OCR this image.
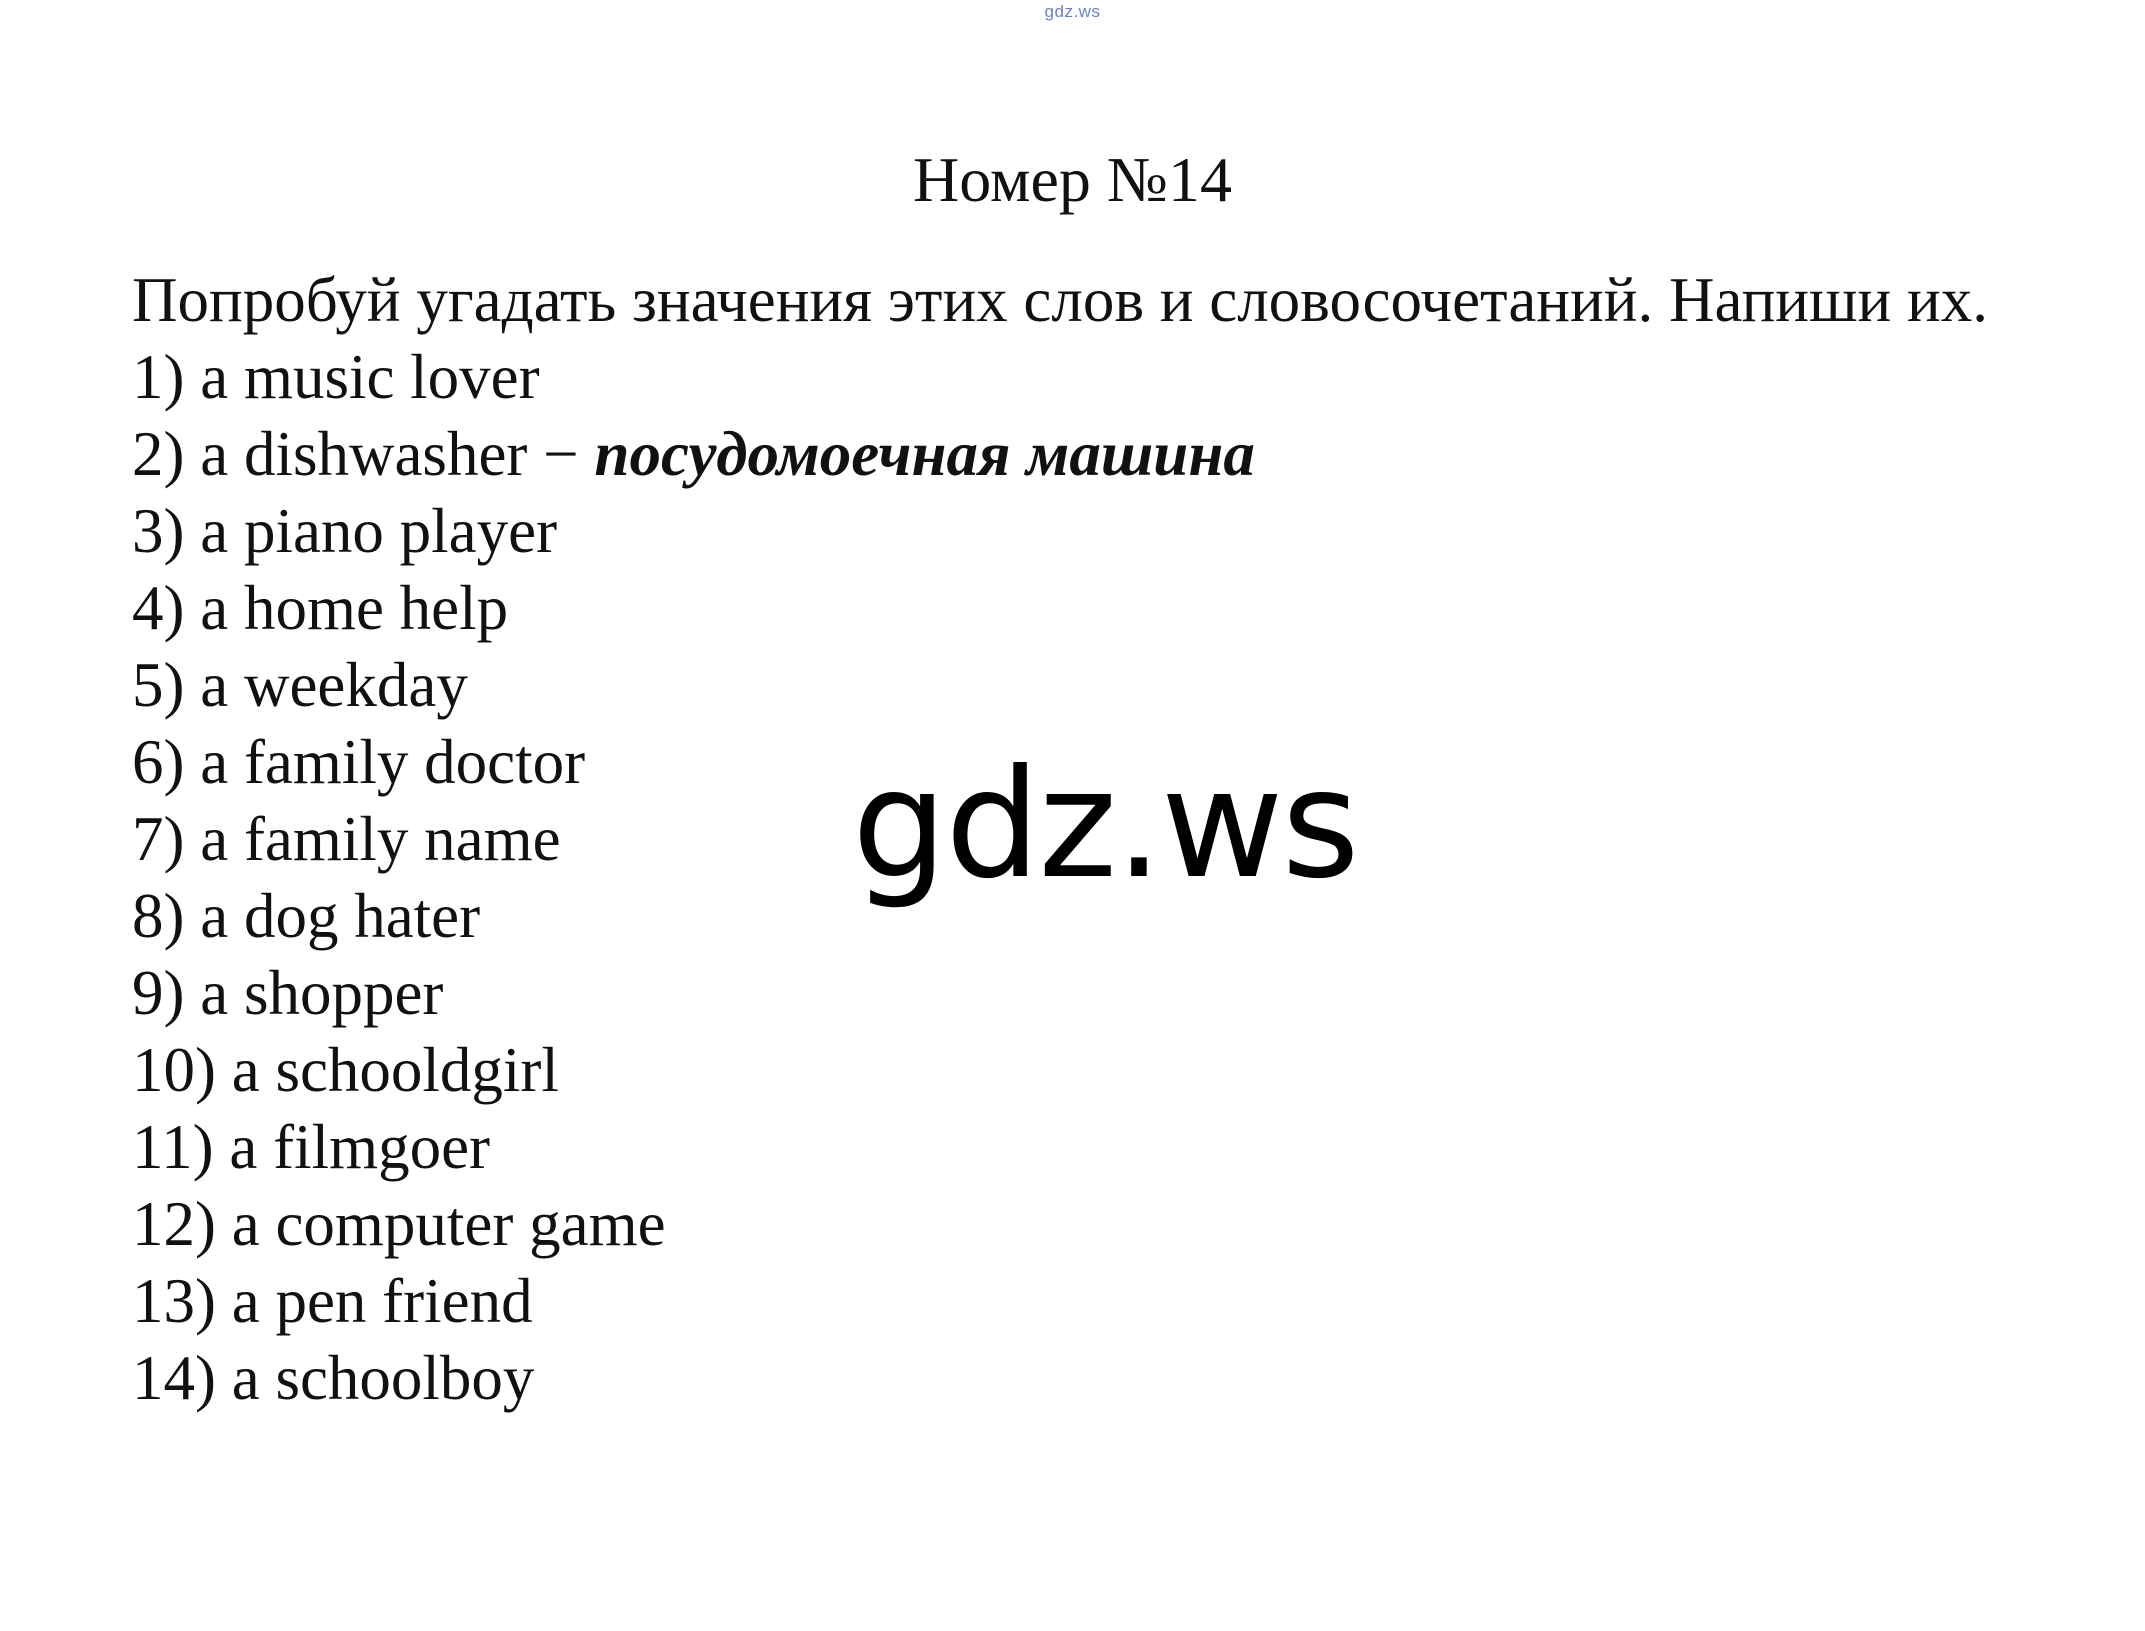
gdz.ws
Номер №14

Попробуй угадать значения этих слов и словосочетаний. Напиши их.

1) a music lover
2) a dishwasher − посудомоечная машина
3) a piano player
4) a home help
5) a weekday
6) a family doctor
7) a family name
8) a dog hater
9) a shopper
10) a schooldgirl
11) a filmgoer
12) a computer game
13) a pen friend
14) a schoolboy
gdz.ws
